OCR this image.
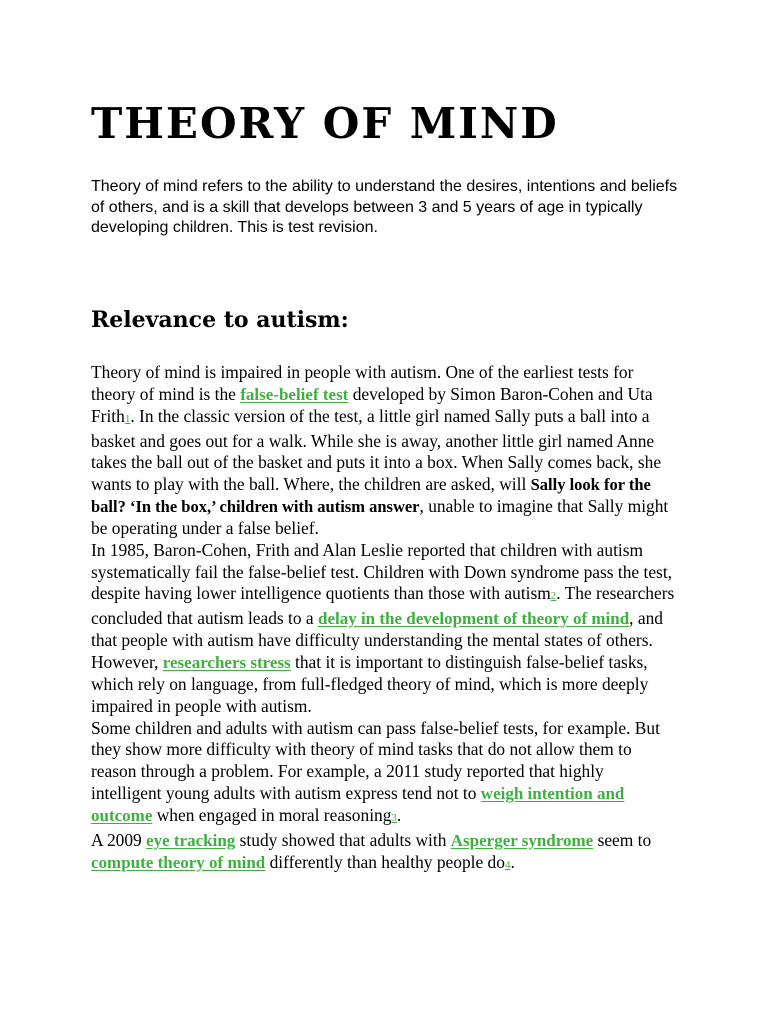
THEORY OF MIND

Theory of mind refers to the ability to understand the desires, intentions and beliefs of others, and is a skill that develops between 3 and 5 years of age in typically developing children. This is test revision.

Relevance to autism:

Theory of mind is impaired in people with autism. One of the earliest tests for theory of mind is the false-belief test developed by Simon Baron-Cohen and Uta Frith1. In the classic version of the test, a little girl named Sally puts a ball into a basket and goes out for a walk. While she is away, another little girl named Anne takes the ball out of the basket and puts it into a box. When Sally comes back, she wants to play with the ball. Where, the children are asked, will Sally look for the ball? ‘In the box,’ children with autism answer, unable to imagine that Sally might be operating under a false belief.
In 1985, Baron-Cohen, Frith and Alan Leslie reported that children with autism systematically fail the false-belief test. Children with Down syndrome pass the test, despite having lower intelligence quotients than those with autism2. The researchers concluded that autism leads to a delay in the development of theory of mind, and that people with autism have difficulty understanding the mental states of others.
However, researchers stress that it is important to distinguish false-belief tasks, which rely on language, from full-fledged theory of mind, which is more deeply impaired in people with autism.
Some children and adults with autism can pass false-belief tests, for example. But they show more difficulty with theory of mind tasks that do not allow them to reason through a problem. For example, a 2011 study reported that highly intelligent young adults with autism express tend not to weigh intention and outcome when engaged in moral reasoning3.
A 2009 eye tracking study showed that adults with Asperger syndrome seem to compute theory of mind differently than healthy people do4.
